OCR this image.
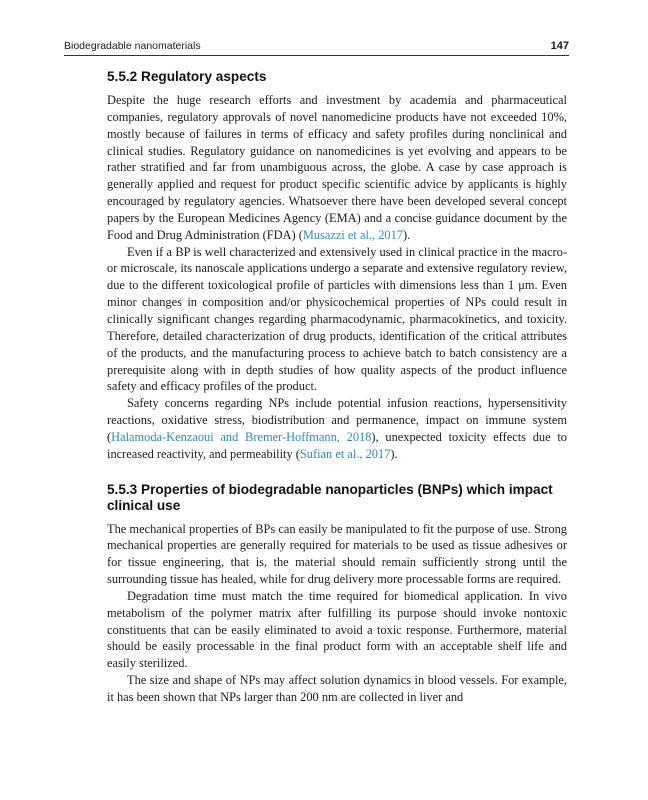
Biodegradable nanomaterials	147
5.5.2 Regulatory aspects

Despite the huge research efforts and investment by academia and pharmaceutical companies, regulatory approvals of novel nanomedicine products have not exceeded 10%, mostly because of failures in terms of efficacy and safety profiles during nonclinical and clinical studies. Regulatory guidance on nanomedicines is yet evolving and appears to be rather stratified and far from unambiguous across, the globe. A case by case approach is generally applied and request for product specific scientific advice by applicants is highly encouraged by regulatory agencies. Whatsoever there have been developed several concept papers by the European Medicines Agency (EMA) and a concise guidance document by the Food and Drug Administration (FDA) (Musazzi et al., 2017).

Even if a BP is well characterized and extensively used in clinical practice in the macro- or microscale, its nanoscale applications undergo a separate and extensive regulatory review, due to the different toxicological profile of particles with dimensions less than 1 μm. Even minor changes in composition and/or physicochemical properties of NPs could result in clinically significant changes regarding pharmacodynamic, pharmacokinetics, and toxicity. Therefore, detailed characterization of drug products, identification of the critical attributes of the products, and the manufacturing process to achieve batch to batch consistency are a prerequisite along with in depth studies of how quality aspects of the product influence safety and efficacy profiles of the product.

Safety concerns regarding NPs include potential infusion reactions, hypersensitivity reactions, oxidative stress, biodistribution and permanence, impact on immune system (Halamoda-Kenzaoui and Bremer-Hoffmann, 2018), unexpected toxicity effects due to increased reactivity, and permeability (Sufian et al., 2017).

5.5.3 Properties of biodegradable nanoparticles (BNPs) which impact clinical use

The mechanical properties of BPs can easily be manipulated to fit the purpose of use. Strong mechanical properties are generally required for materials to be used as tissue adhesives or for tissue engineering, that is, the material should remain sufficiently strong until the surrounding tissue has healed, while for drug delivery more processable forms are required.

Degradation time must match the time required for biomedical application. In vivo metabolism of the polymer matrix after fulfilling its purpose should invoke nontoxic constituents that can be easily eliminated to avoid a toxic response. Furthermore, material should be easily processable in the final product form with an acceptable shelf life and easily sterilized.

The size and shape of NPs may affect solution dynamics in blood vessels. For example, it has been shown that NPs larger than 200 nm are collected in liver and
